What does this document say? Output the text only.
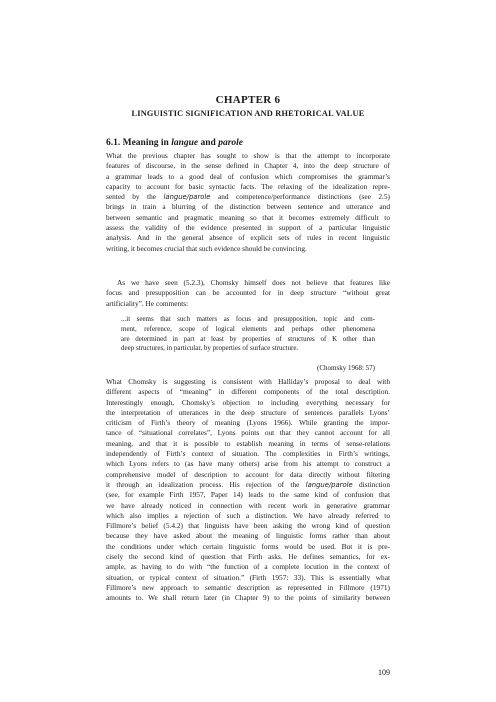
CHAPTER 6
LINGUISTIC SIGNIFICATION AND RHETORICAL VALUE
6.1. Meaning in langue and parole
What the previous chapter has sought to show is that the attempt to incorporate
features of discourse, in the sense defined in Chapter 4, into the deep structure of
a grammar leads to a good deal of confusion which compromises the grammar’s
capacity to account for basic syntactic facts. The relaxing of the idealization repre-
sented by the langue/parole and competence/performance distinctions (see 2.5)
brings in train a blurring of the distinction between sentence and utterance and
between semantic and pragmatic meaning so that it becomes extremely difficult to
assess the validity of the evidence presented in support of a particular linguistic
analysis. And in the general absence of explicit sets of rules in recent linguistic
writing, it becomes crucial that such evidence should be convincing.
As we have seen (5.2.3), Chomsky himself does not believe that features like
focus and presupposition can be accounted for in deep structure “without great
artificiality”. He comments:
...it seems that such matters as focus and presupposition, topic and com-
ment, reference, scope of logical elements and perhaps other phenomena
are determined in part at least by properties of structures of K other than
deep structures, in particular, by properties of surface structure.
(Chomsky 1968: 57)
What Chomsky is suggesting is consistent with Halliday’s proposal to deal with
different aspects of “meaning” in different components of the total description.
Interestingly enough, Chomsky’s objection to including everything necessary for
the interpretation of utterances in the deep structure of sentences parallels Lyons’
criticism of Firth’s theory of meaning (Lyons 1966). While granting the impor-
tance of “situational correlates”, Lyons points out that they cannot account for all
meaning, and that it is possible to establish meaning in terms of sense-relations
independently of Firth’s context of situation. The complexities in Firth’s writings,
which Lyons refers to (as have many others) arise from his attempt to construct a
comprehensive model of description to account for data directly without filtering
it through an idealization process. His rejection of the langue/parole distinction
(see, for example Firth 1957, Paper 14) leads to the same kind of confusion that
we have already noticed in connection with recent work in generative grammar
which also implies a rejection of such a distinction. We have already referred to
Fillmore’s belief (5.4.2) that linguists have been asking the wrong kind of question
because they have asked about the meaning of linguistic forms rather than about
the conditions under which certain linguistic forms would be used. But it is pre-
cisely the second kind of question that Firth asks. He defines semantics, for ex-
ample, as having to do with “the function of a complete locution in the context of
situation, or typical context of situation.” (Firth 1957: 33). This is essentially what
Fillmore’s new approach to semantic description as represented in Fillmore (1971)
amounts to. We shall return later (in Chapter 9) to the points of similarity between
109
